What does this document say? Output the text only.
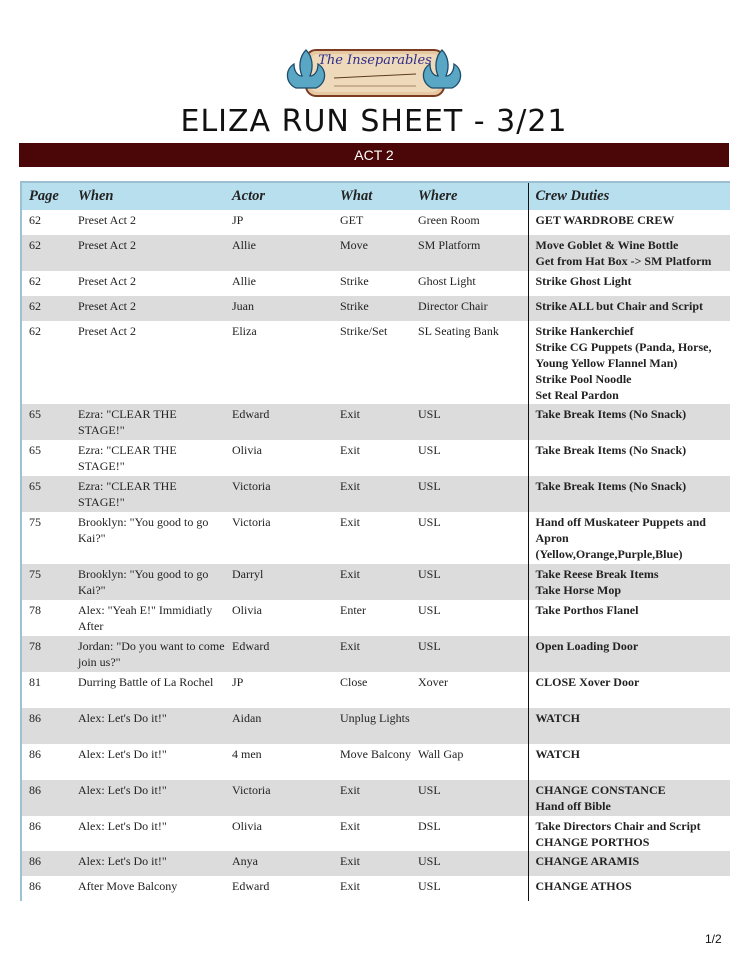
The Inseparables
ELIZA RUN SHEET - 3/21
ACT 2
Page	When	Actor	What	Where	Crew Duties
62	Preset Act 2	JP	GET	Green Room	GET WARDROBE CREW

62	Preset Act 2	Allie	Move	SM Platform	Move Goblet & Wine Bottle
Get from Hat Box -> SM Platform

62	Preset Act 2	Allie	Strike	Ghost Light	Strike Ghost Light

62	Preset Act 2	Juan	Strike	Director Chair	Strike ALL but Chair and Script

62	Preset Act 2	Eliza	Strike/Set	SL Seating Bank	Strike Hankerchief
Strike CG Puppets (Panda, Horse, Young Yellow Flannel Man)
Strike Pool Noodle
Set Real Pardon

65	Ezra: "CLEAR THE STAGE!"	Edward	Exit	USL	Take Break Items (No Snack)

65	Ezra: "CLEAR THE STAGE!"	Olivia	Exit	USL	Take Break Items (No Snack)

65	Ezra: "CLEAR THE STAGE!"	Victoria	Exit	USL	Take Break Items (No Snack)

75	Brooklyn: "You good to go Kai?"	Victoria	Exit	USL	Hand off Muskateer Puppets and Apron
(Yellow,Orange,Purple,Blue)

75	Brooklyn: "You good to go Kai?"	Darryl	Exit	USL	Take Reese Break Items
Take Horse Mop

78	Alex: "Yeah E!" Immidiatly After	Olivia	Enter	USL	Take Porthos Flanel

78	Jordan: "Do you want to come join us?"	Edward	Exit	USL	Open Loading Door

81	Durring Battle of La Rochel	JP	Close	Xover	CLOSE Xover Door

86	Alex: Let's Do it!"	Aidan	Unplug Lights		WATCH

86	Alex: Let's Do it!"	4 men	Move Balcony	Wall Gap	WATCH

86	Alex: Let's Do it!"	Victoria	Exit	USL	CHANGE CONSTANCE
Hand off Bible

86	Alex: Let's Do it!"	Olivia	Exit	DSL	Take Directors Chair and Script
CHANGE PORTHOS

86	Alex: Let's Do it!"	Anya	Exit	USL	CHANGE ARAMIS

86	After Move Balcony	Edward	Exit	USL	CHANGE ATHOS
1/2
